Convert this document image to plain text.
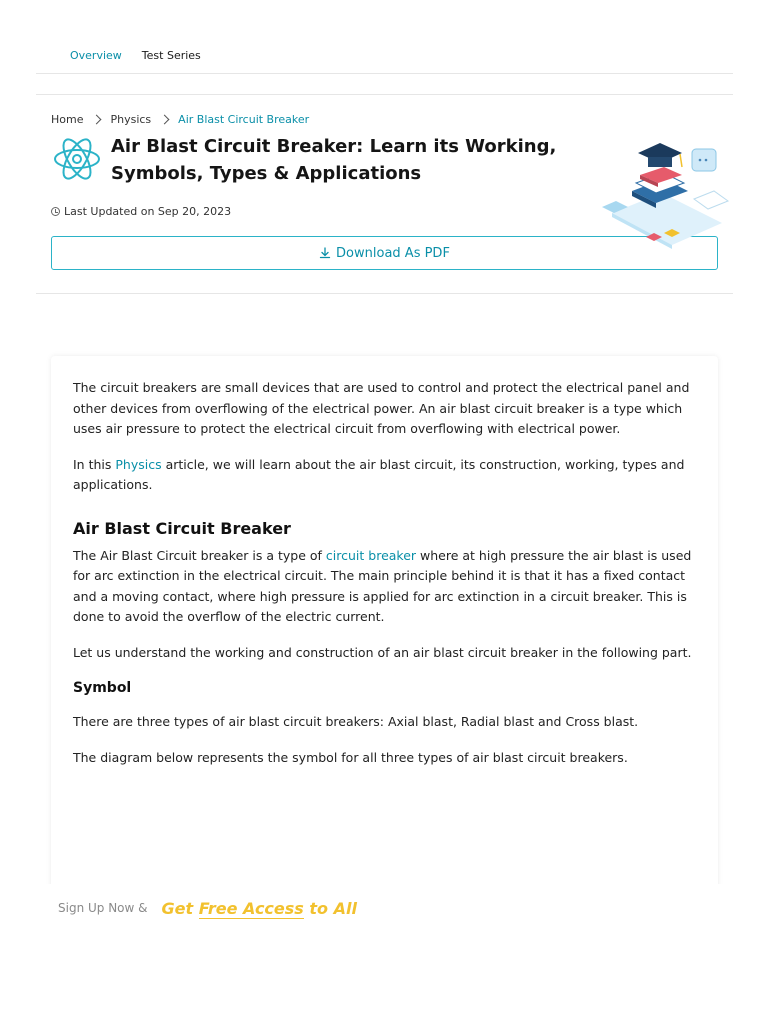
Overview Test Series
Home Physics Air Blast Circuit Breaker
Air Blast Circuit Breaker: Learn its Working, Symbols, Types & Applications
Last Updated on Sep 20, 2023
Download As PDF

The circuit breakers are small devices that are used to control and protect the electrical panel and other devices from overflowing of the electrical power. An air blast circuit breaker is a type which uses air pressure to protect the electrical circuit from overflowing with electrical power.

In this Physics article, we will learn about the air blast circuit, its construction, working, types and applications.

Air Blast Circuit Breaker

The Air Blast Circuit breaker is a type of circuit breaker where at high pressure the air blast is used for arc extinction in the electrical circuit. The main principle behind it is that it has a fixed contact and a moving contact, where high pressure is applied for arc extinction in a circuit breaker. This is done to avoid the overflow of the electric current.

Let us understand the working and construction of an air blast circuit breaker in the following part.

Symbol

There are three types of air blast circuit breakers: Axial blast, Radial blast and Cross blast.

The diagram below represents the symbol for all three types of air blast circuit breakers.

Sign Up Now & Get Free Access to All
